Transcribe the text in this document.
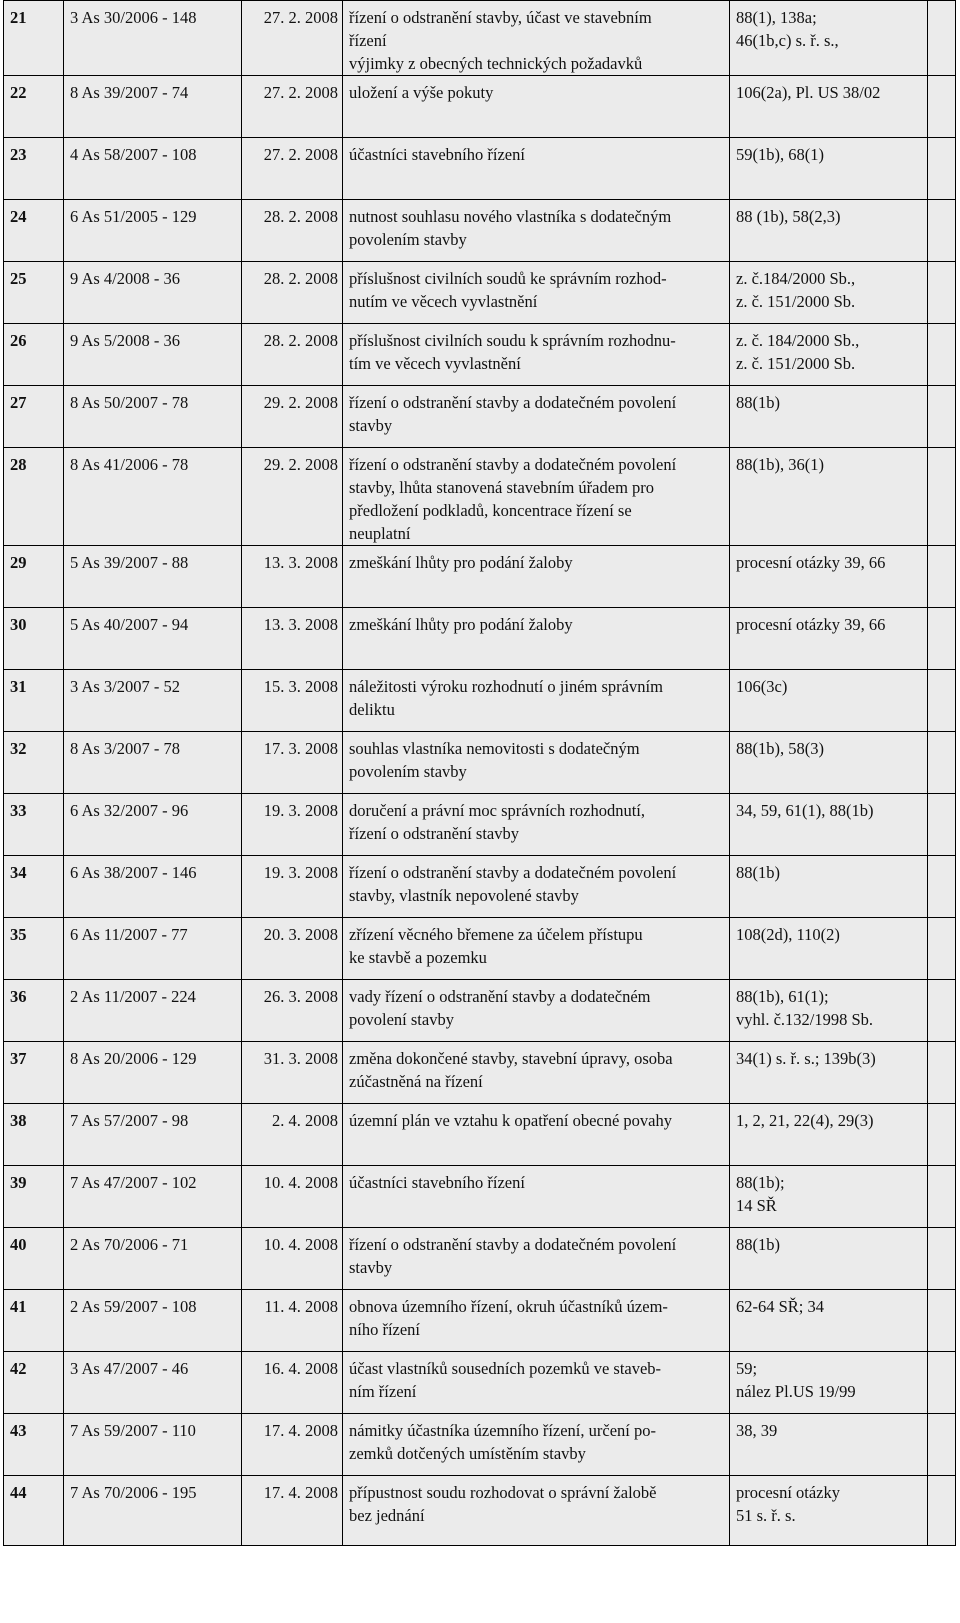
21	3 As 30/2006 - 148	27. 2. 2008	řízení o odstranění stavby, účast ve stavebním
řízení
výjimky z obecných technických požadavků	88(1), 138a;
46(1b,c) s. ř. s.,	

22	8 As 39/2007 - 74	27. 2. 2008	uložení a výše pokuty	106(2a), Pl. US 38/02	

23	4 As 58/2007 - 108	27. 2. 2008	účastníci stavebního řízení	59(1b), 68(1)	

24	6 As 51/2005 - 129	28. 2. 2008	nutnost souhlasu nového vlastníka s dodatečným
povolením stavby	88 (1b), 58(2,3)	

25	9 As 4/2008 - 36	28. 2. 2008	příslušnost civilních soudů ke správním rozhod-
nutím ve věcech vyvlastnění	z. č.184/2000 Sb.,
z. č. 151/2000 Sb.	

26	9 As 5/2008 - 36	28. 2. 2008	příslušnost civilních soudu k správním rozhodnu-
tím ve věcech vyvlastnění	z. č. 184/2000 Sb.,
z. č. 151/2000 Sb.	

27	8 As 50/2007 - 78	29. 2. 2008	řízení o odstranění stavby a dodatečném povolení
stavby	88(1b)	

28	8 As 41/2006 - 78	29. 2. 2008	řízení o odstranění stavby a dodatečném povolení
stavby, lhůta stanovená stavebním úřadem pro
předložení podkladů, koncentrace řízení se
neuplatní	88(1b), 36(1)	

29	5 As 39/2007 - 88	13. 3. 2008	zmeškání lhůty pro podání žaloby	procesní otázky 39, 66	

30	5 As 40/2007 - 94	13. 3. 2008	zmeškání lhůty pro podání žaloby	procesní otázky 39, 66	

31	3 As 3/2007 - 52	15. 3. 2008	náležitosti výroku rozhodnutí o jiném správním
deliktu	106(3c)	

32	8 As 3/2007 - 78	17. 3. 2008	souhlas vlastníka nemovitosti s dodatečným
povolením stavby	88(1b), 58(3)	

33	6 As 32/2007 - 96	19. 3. 2008	doručení a právní moc správních rozhodnutí,
řízení o odstranění stavby	34, 59, 61(1), 88(1b)	

34	6 As 38/2007 - 146	19. 3. 2008	řízení o odstranění stavby a dodatečném povolení
stavby, vlastník nepovolené stavby	88(1b)	

35	6 As 11/2007 - 77	20. 3. 2008	zřízení věcného břemene za účelem přístupu
ke stavbě a pozemku	108(2d), 110(2)	

36	2 As 11/2007 - 224	26. 3. 2008	vady řízení o odstranění stavby a dodatečném
povolení stavby	88(1b), 61(1);
vyhl. č.132/1998 Sb.	

37	8 As 20/2006 - 129	31. 3. 2008	změna dokončené stavby, stavební úpravy, osoba
zúčastněná na řízení	34(1) s. ř. s.; 139b(3)	

38	7 As 57/2007 - 98	2. 4. 2008	územní plán ve vztahu k opatření obecné povahy	1, 2, 21, 22(4), 29(3)	

39	7 As 47/2007 - 102	10. 4. 2008	účastníci stavebního řízení	88(1b);
14 SŘ	

40	2 As 70/2006 - 71	10. 4. 2008	řízení o odstranění stavby a dodatečném povolení
stavby	88(1b)	

41	2 As 59/2007 - 108	11. 4. 2008	obnova územního řízení, okruh účastníků územ-
ního řízení	62-64 SŘ; 34	

42	3 As 47/2007 - 46	16. 4. 2008	účast vlastníků sousedních pozemků ve staveb-
ním řízení	59;
nález Pl.US 19/99	

43	7 As 59/2007 - 110	17. 4. 2008	námitky účastníka územního řízení, určení po-
zemků dotčených umístěním stavby	38, 39	

44	7 As 70/2006 - 195	17. 4. 2008	přípustnost soudu rozhodovat o správní žalobě
bez jednání	procesní otázky
51 s. ř. s.	
